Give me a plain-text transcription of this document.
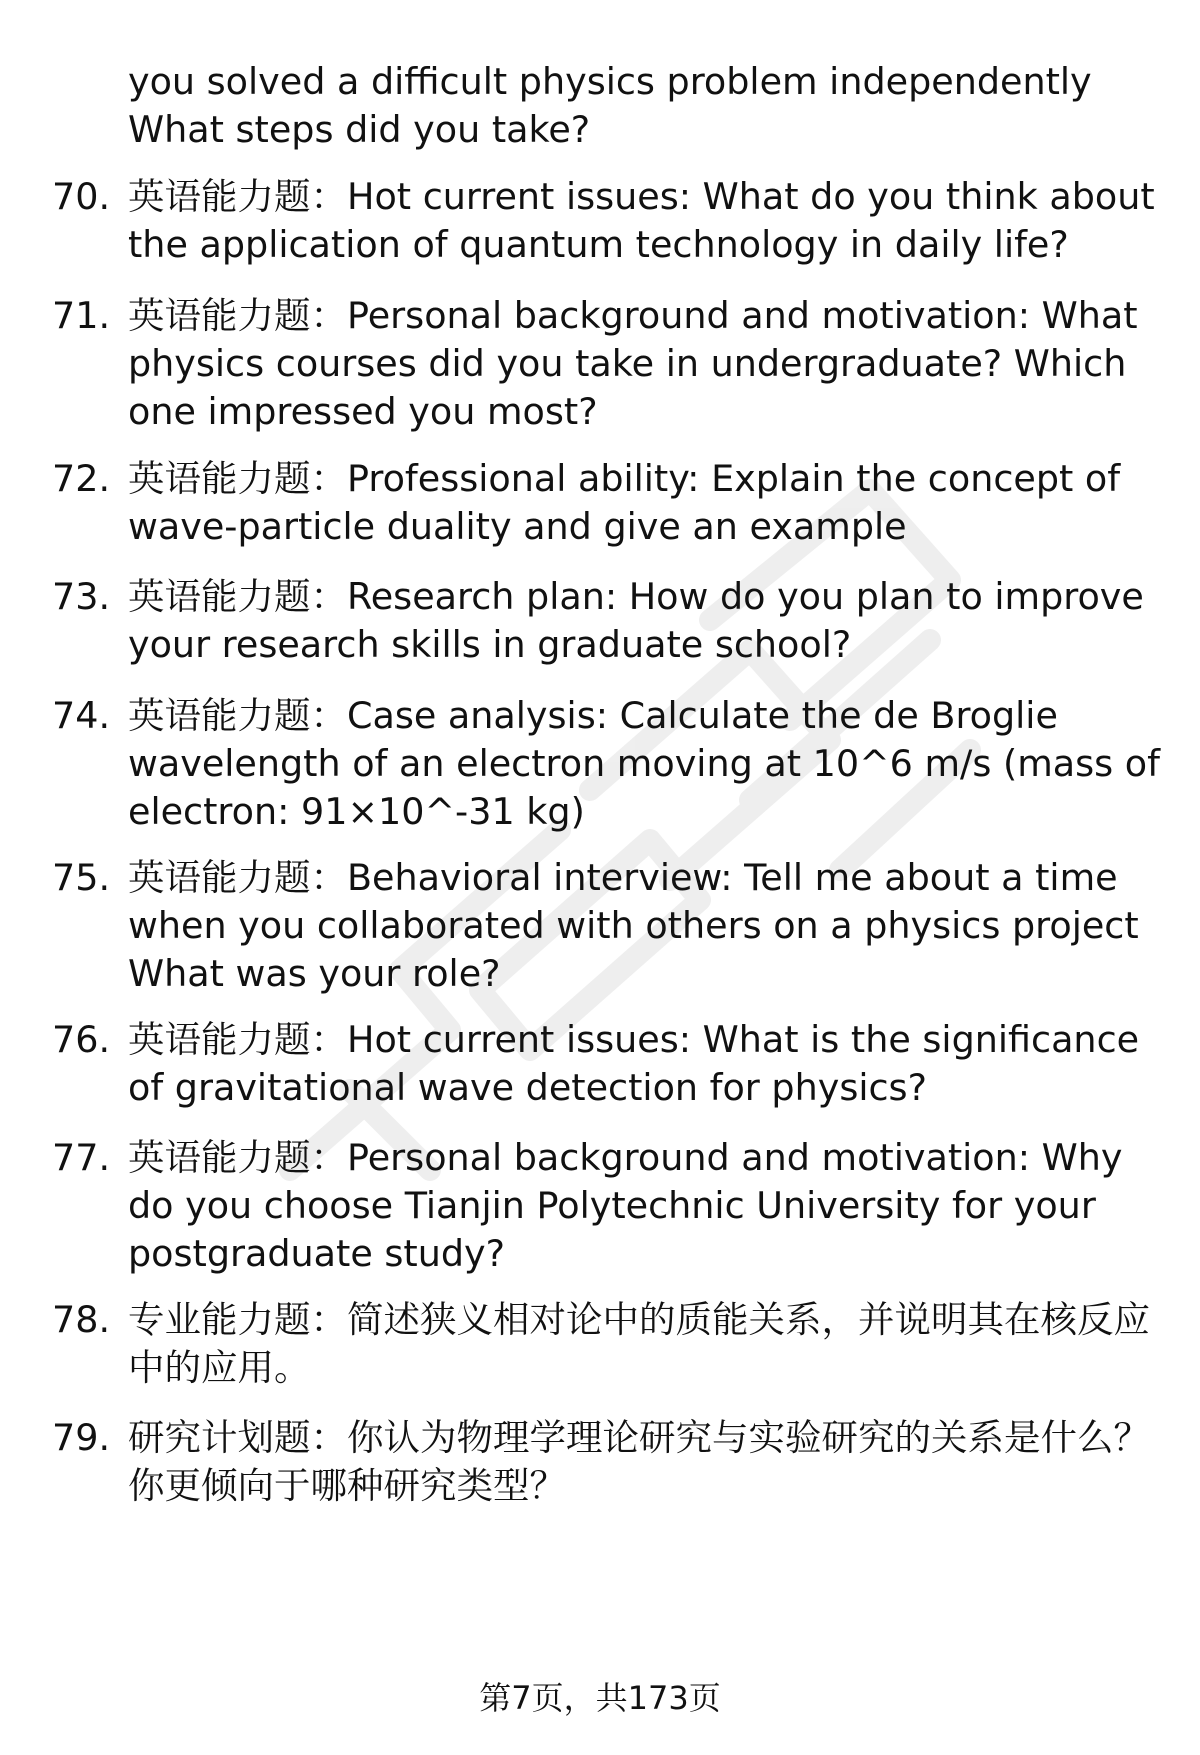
you solved a difficult physics problem independently What steps did you take?

70. 英语能力题：Hot current issues: What do you think about the application of quantum technology in daily life?

71. 英语能力题：Personal background and motivation: What physics courses did you take in undergraduate? Which one impressed you most?

72. 英语能力题：Professional ability: Explain the concept of wave-particle duality and give an example

73. 英语能力题：Research plan: How do you plan to improve your research skills in graduate school?

74. 英语能力题：Case analysis: Calculate the de Broglie wavelength of an electron moving at 10^6 m/s (mass of electron: 91×10^-31 kg)

75. 英语能力题：Behavioral interview: Tell me about a time when you collaborated with others on a physics project What was your role?

76. 英语能力题：Hot current issues: What is the significance of gravitational wave detection for physics?

77. 英语能力题：Personal background and motivation: Why do you choose Tianjin Polytechnic University for your postgraduate study?

78. 专业能力题：简述狭义相对论中的质能关系，并说明其在核反应中的应用。

79. 研究计划题：你认为物理学理论研究与实验研究的关系是什么？你更倾向于哪种研究类型？

第7页，共173页
